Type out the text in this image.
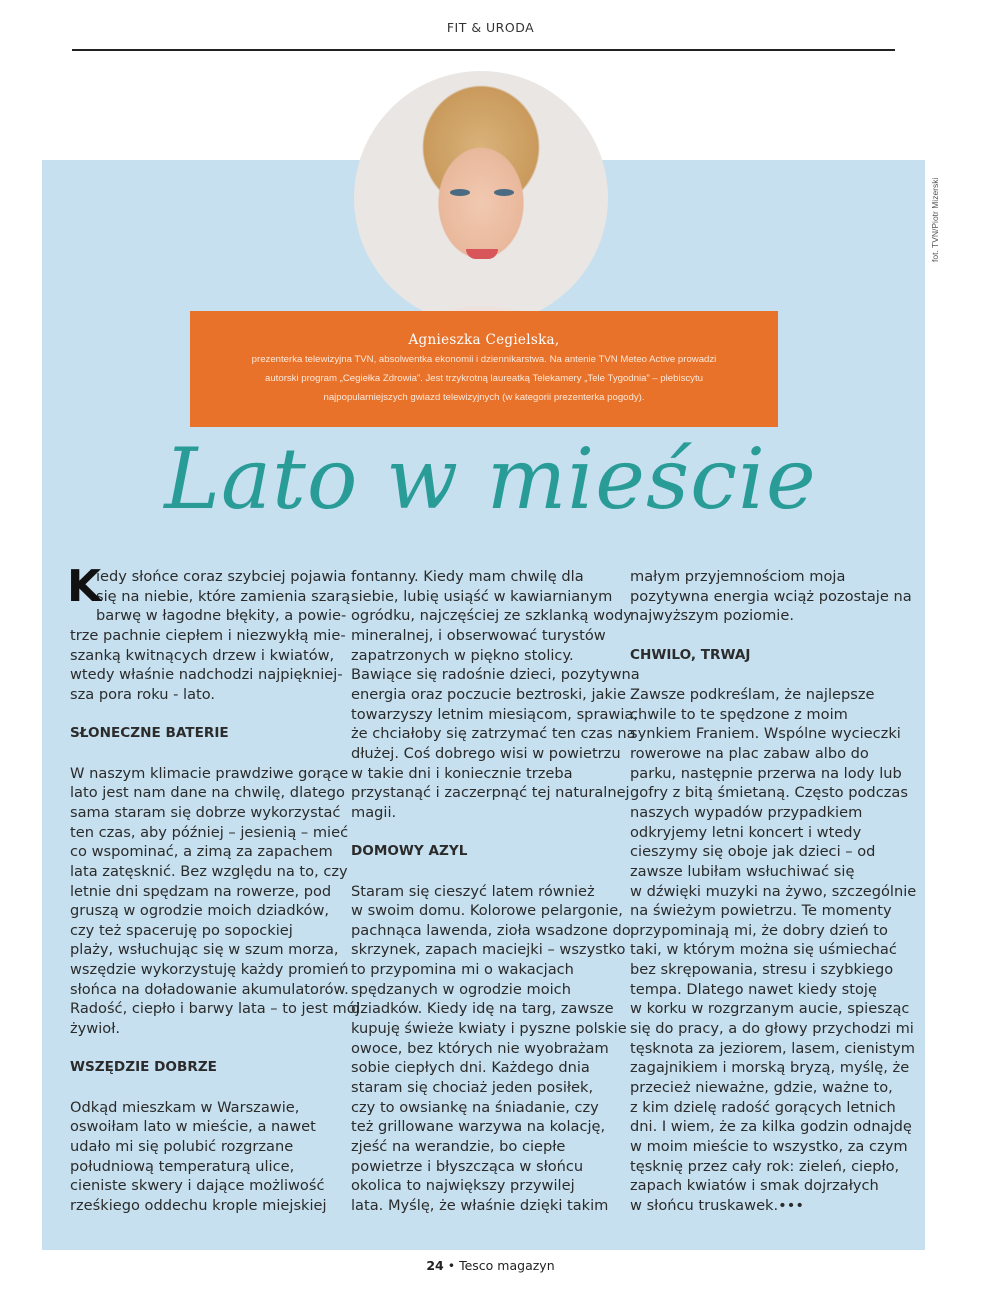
FIT & URODA
fot. TVN/Piotr Mizerski
Agnieszka Cegielska,
prezenterka telewizyjna TVN, absolwentka ekonomii i dziennikarstwa. Na antenie TVN Meteo Active prowadzi
autorski program „Cegiełka Zdrowia”. Jest trzykrotną laureatką Telekamery „Tele Tygodnia” – plebiscytu
najpopularniejszych gwiazd telewizyjnych (w kategorii prezenterka pogody).
Lato w mieście
K
iedy słońce coraz szybciej pojawia
się na niebie, które zamienia szarą
barwę w łagodne błękity, a powie-
trze pachnie ciepłem i niezwykłą mie-
szanką kwitnących drzew i kwiatów,
wtedy właśnie nadchodzi najpiękniej-
sza pora roku - lato.
SŁONECZNE BATERIE
W naszym klimacie prawdziwe gorące
lato jest nam dane na chwilę, dlatego
sama staram się dobrze wykorzystać
ten czas, aby później – jesienią – mieć
co wspominać, a zimą za zapachem
lata zatęsknić. Bez względu na to, czy
letnie dni spędzam na rowerze, pod
gruszą w ogrodzie moich dziadków,
czy też spaceruję po sopockiej
plaży, wsłuchując się w szum morza,
wszędzie wykorzystuję każdy promień
słońca na doładowanie akumulatorów.
Radość, ciepło i barwy lata – to jest mój
żywioł.
WSZĘDZIE DOBRZE
Odkąd mieszkam w Warszawie,
oswoiłam lato w mieście, a nawet
udało mi się polubić rozgrzane
południową temperaturą ulice,
cieniste skwery i dające możliwość
rześkiego oddechu krople miejskiej
fontanny. Kiedy mam chwilę dla
siebie, lubię usiąść w kawiarnianym
ogródku, najczęściej ze szklanką wody
mineralnej, i obserwować turystów
zapatrzonych w piękno stolicy.
Bawiące się radośnie dzieci, pozytywna
energia oraz poczucie beztroski, jakie
towarzyszy letnim miesiącom, sprawia,
że chciałoby się zatrzymać ten czas na
dłużej. Coś dobrego wisi w powietrzu
w takie dni i koniecznie trzeba
przystanąć i zaczerpnąć tej naturalnej
magii.
DOMOWY AZYL
Staram się cieszyć latem również
w swoim domu. Kolorowe pelargonie,
pachnąca lawenda, zioła wsadzone do
skrzynek, zapach maciejki – wszystko
to przypomina mi o wakacjach
spędzanych w ogrodzie moich
dziadków. Kiedy idę na targ, zawsze
kupuję świeże kwiaty i pyszne polskie
owoce, bez których nie wyobrażam
sobie ciepłych dni. Każdego dnia
staram się chociaż jeden posiłek,
czy to owsiankę na śniadanie, czy
też grillowane warzywa na kolację,
zjeść na werandzie, bo ciepłe
powietrze i błyszcząca w słońcu
okolica to największy przywilej
lata. Myślę, że właśnie dzięki takim
małym przyjemnościom moja
pozytywna energia wciąż pozostaje na
najwyższym poziomie.
CHWILO, TRWAJ
Zawsze podkreślam, że najlepsze
chwile to te spędzone z moim
synkiem Franiem. Wspólne wycieczki
rowerowe na plac zabaw albo do
parku, następnie przerwa na lody lub
gofry z bitą śmietaną. Często podczas
naszych wypadów przypadkiem
odkryjemy letni koncert i wtedy
cieszymy się oboje jak dzieci – od
zawsze lubiłam wsłuchiwać się
w dźwięki muzyki na żywo, szczególnie
na świeżym powietrzu. Te momenty
przypominają mi, że dobry dzień to
taki, w którym można się uśmiechać
bez skrępowania, stresu i szybkiego
tempa. Dlatego nawet kiedy stoję
w korku w rozgrzanym aucie, spiesząc
się do pracy, a do głowy przychodzi mi
tęsknota za jeziorem, lasem, cienistym
zagajnikiem i morską bryzą, myślę, że
przecież nieważne, gdzie, ważne to,
z kim dzielę radość gorących letnich
dni. I wiem, że za kilka godzin odnajdę
w moim mieście to wszystko, za czym
tęsknię przez cały rok: zieleń, ciepło,
zapach kwiatów i smak dojrzałych
w słońcu truskawek.•••
24 • Tesco magazyn
